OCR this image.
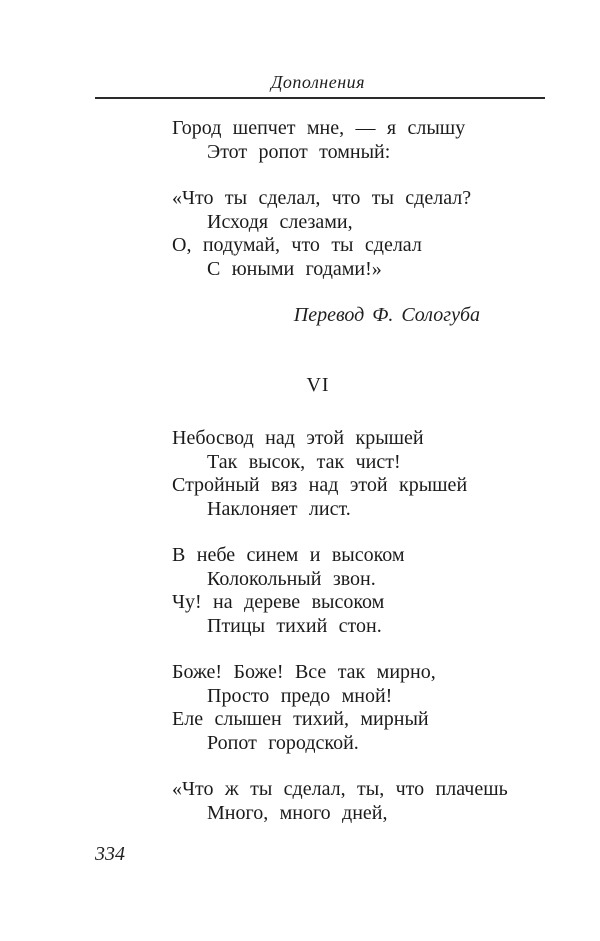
Дополнения
Город шепчет мне, — я слышу
Этот ропот томный:
«Что ты сделал, что ты сделал?
Исходя слезами,
О, подумай, что ты сделал
С юными годами!»
Перевод Ф. Сологуба
VI
Небосвод над этой крышей
Так высок, так чист!
Стройный вяз над этой крышей
Наклоняет лист.
В небе синем и высоком
Колокольный звон.
Чу! на дереве высоком
Птицы тихий стон.
Боже! Боже! Все так мирно,
Просто предо мной!
Еле слышен тихий, мирный
Ропот городской.
«Что ж ты сделал, ты, что плачешь
Много, много дней,
334
